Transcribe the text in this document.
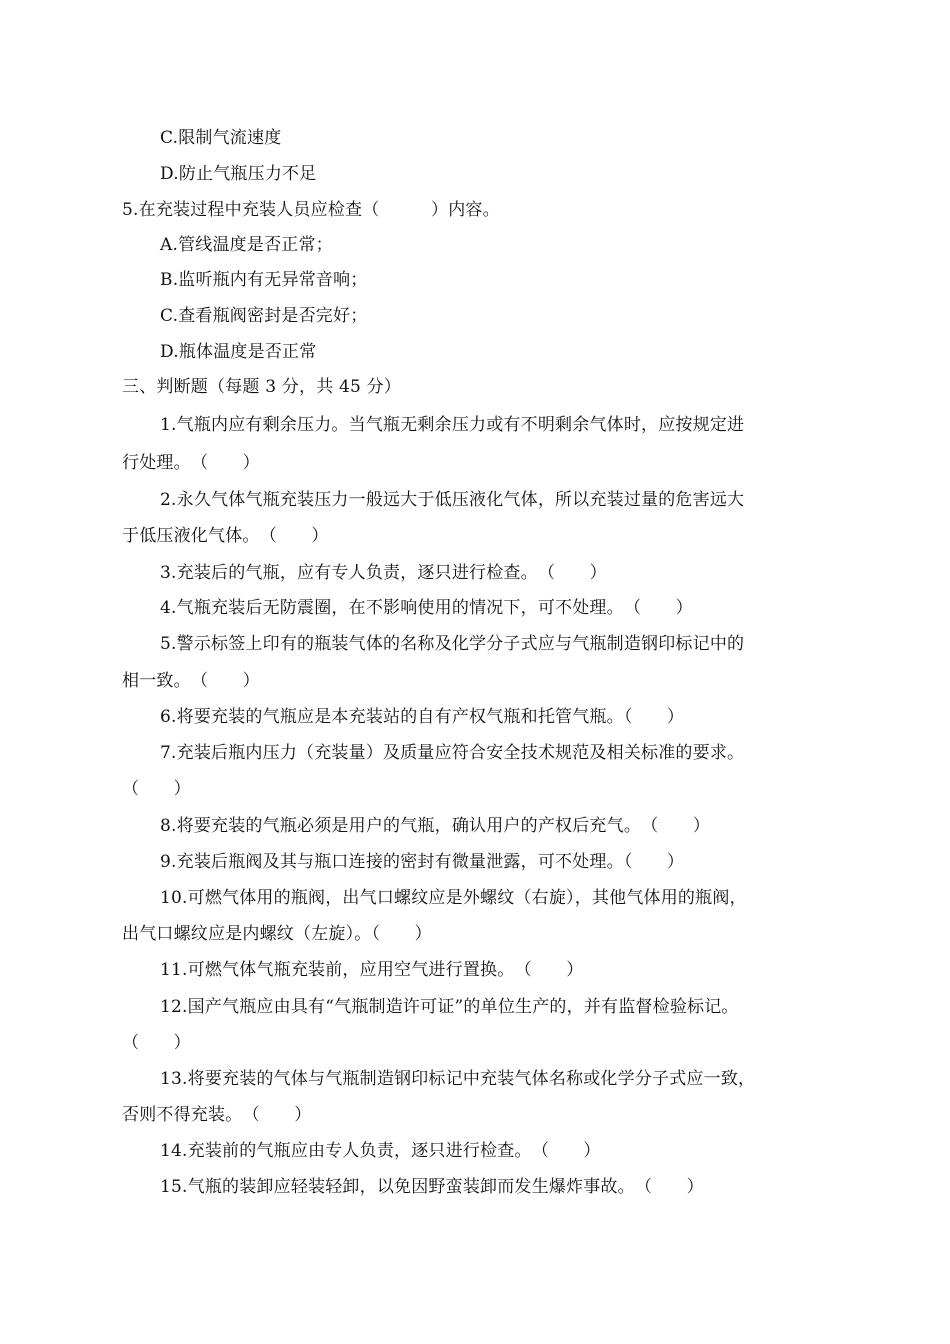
C.限制气流速度
D.防止气瓶压力不足
5.在充装过程中充装人员应检查（　　　）内容。
A.管线温度是否正常；
B.监听瓶内有无异常音响；
C.查看瓶阀密封是否完好；
D.瓶体温度是否正常
三、判断题（每题 3 分，共 45 分）
1.气瓶内应有剩余压力。当气瓶无剩余压力或有不明剩余气体时，应按规定进
行处理。　（　　）
2.永久气体气瓶充装压力一般远大于低压液化气体，所以充装过量的危害远大
于低压液化气体。　（　　）
3.充装后的气瓶，应有专人负责，逐只进行检查。　（　　）
4.气瓶充装后无防震圈，在不影响使用的情况下，可不处理。　（　　）
5.警示标签上印有的瓶装气体的名称及化学分子式应与气瓶制造钢印标记中的
相一致。　（　　）
6.将要充装的气瓶应是本充装站的自有产权气瓶和托管气瓶。（　　）
7.充装后瓶内压力（充装量）及质量应符合安全技术规范及相关标准的要求。
（　　）
8.将要充装的气瓶必须是用户的气瓶，确认用户的产权后充气。　（　　）
9.充装后瓶阀及其与瓶口连接的密封有微量泄露，可不处理。（　　）
10.可燃气体用的瓶阀，出气口螺纹应是外螺纹（右旋），其他气体用的瓶阀，
出气口螺纹应是内螺纹（左旋）。（　　）
11.可燃气体气瓶充装前，应用空气进行置换。　（　　）
12.国产气瓶应由具有“气瓶制造许可证”的单位生产的，并有监督检验标记。
（　　）
13.将要充装的气体与气瓶制造钢印标记中充装气体名称或化学分子式应一致，
否则不得充装。　（　　）
14.充装前的气瓶应由专人负责，逐只进行检查。　（　　）
15.气瓶的装卸应轻装轻卸，以免因野蛮装卸而发生爆炸事故。　（　　）
